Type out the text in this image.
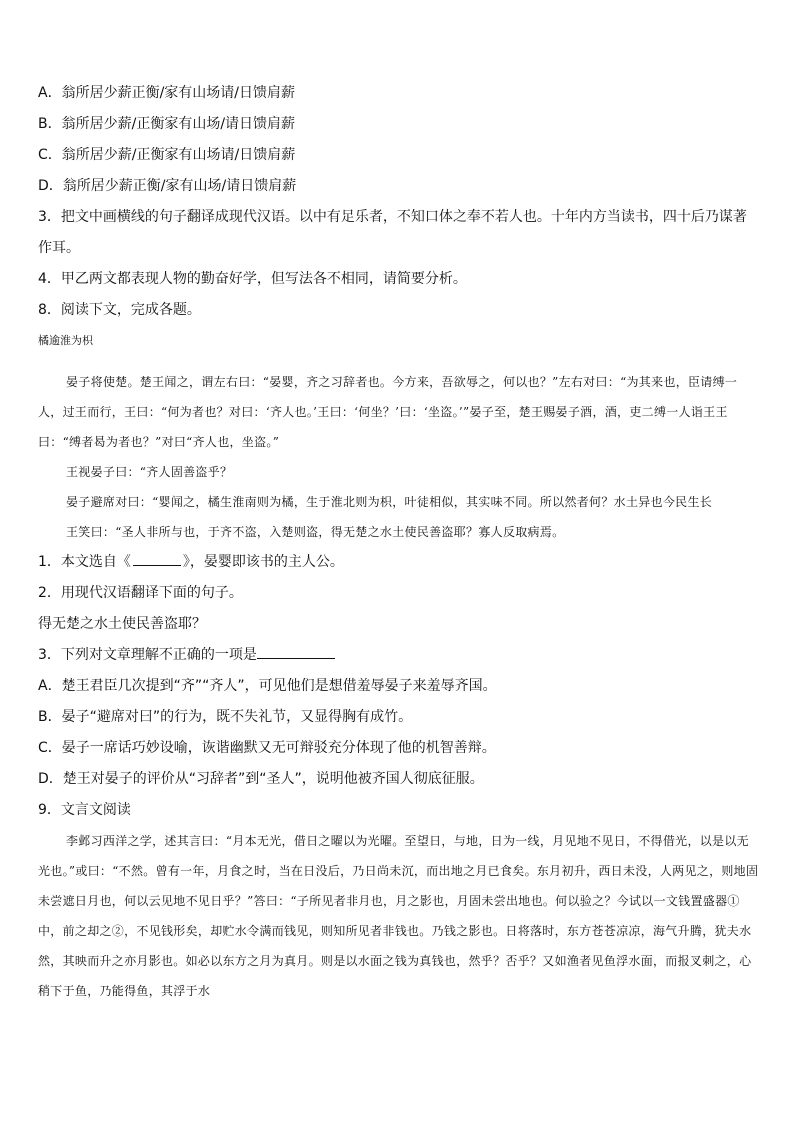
A．翁所居少薪正衡/家有山场请/日馈肩薪

B．翁所居少薪/正衡家有山场/请日馈肩薪

C．翁所居少薪/正衡家有山场请/日馈肩薪

D．翁所居少薪正衡/家有山场/请日馈肩薪

3．把文中画横线的句子翻译成现代汉语。以中有足乐者，不知口体之奉不若人也。十年内方当读书，四十后乃谋著作耳。

4．甲乙两文都表现人物的勤奋好学，但写法各不相同，请简要分析。

8．阅读下文，完成各题。

橘逾淮为枳

晏子将使楚。楚王闻之，谓左右曰：“晏婴，齐之习辞者也。今方来，吾欲辱之，何以也？”左右对曰：“为其来也，臣请缚一人，过王而行，王曰：“何为者也？对曰：‘齐人也。’王曰：‘何坐？’曰：‘坐盗。’”晏子至，楚王赐晏子酒，酒，吏二缚一人诣王王曰：“缚者曷为者也？”对曰“齐人也，坐盗。”

王视晏子曰：“齐人固善盗乎？

晏子避席对曰：“婴闻之，橘生淮南则为橘，生于淮北则为枳，叶徒相似，其实味不同。所以然者何？水土异也今民生长

王笑曰：“圣人非所与也，于齐不盗，入楚则盗，得无楚之水土使民善盗耶？寡人反取病焉。

1．本文选自《	》，晏婴即该书的主人公。

2．用现代汉语翻译下面的句子。

得无楚之水土使民善盗耶？

3．下列对文章理解不正确的一项是

A．楚王君臣几次提到“齐”“齐人”，可见他们是想借羞辱晏子来羞辱齐国。

B．晏子“避席对曰”的行为，既不失礼节，又显得胸有成竹。

C．晏子一席话巧妙设喻，诙谐幽默又无可辩驳充分体现了他的机智善辩。

D．楚王对晏子的评价从“习辞者”到“圣人”，说明他被齐国人彻底征服。

9．文言文阅读

李邺习西洋之学，述其言曰：“月本无光，借日之曜以为光曜。至望日，与地，日为一线，月见地不见日，不得借光，以是以无光也。”或曰：“不然。曾有一年，月食之时，当在日没后，乃日尚未沉，而出地之月已食矣。东月初升，西日未没，人两见之，则地固未尝遮日月也，何以云见地不见日乎？”答曰：“子所见者非月也，月之影也，月固未尝出地也。何以验之？今试以一文钱置盛器①中，前之却之②，不见钱形矣，却贮水令满而钱见，则知所见者非钱也。乃钱之影也。日将落时，东方苍苍凉凉，海气升腾，犹夫水然，其映而升之亦月影也。如必以东方之月为真月。则是以水面之钱为真钱也，然乎？否乎？又如渔者见鱼浮水面，而报叉刺之，心稍下于鱼，乃能得鱼，其浮于水
